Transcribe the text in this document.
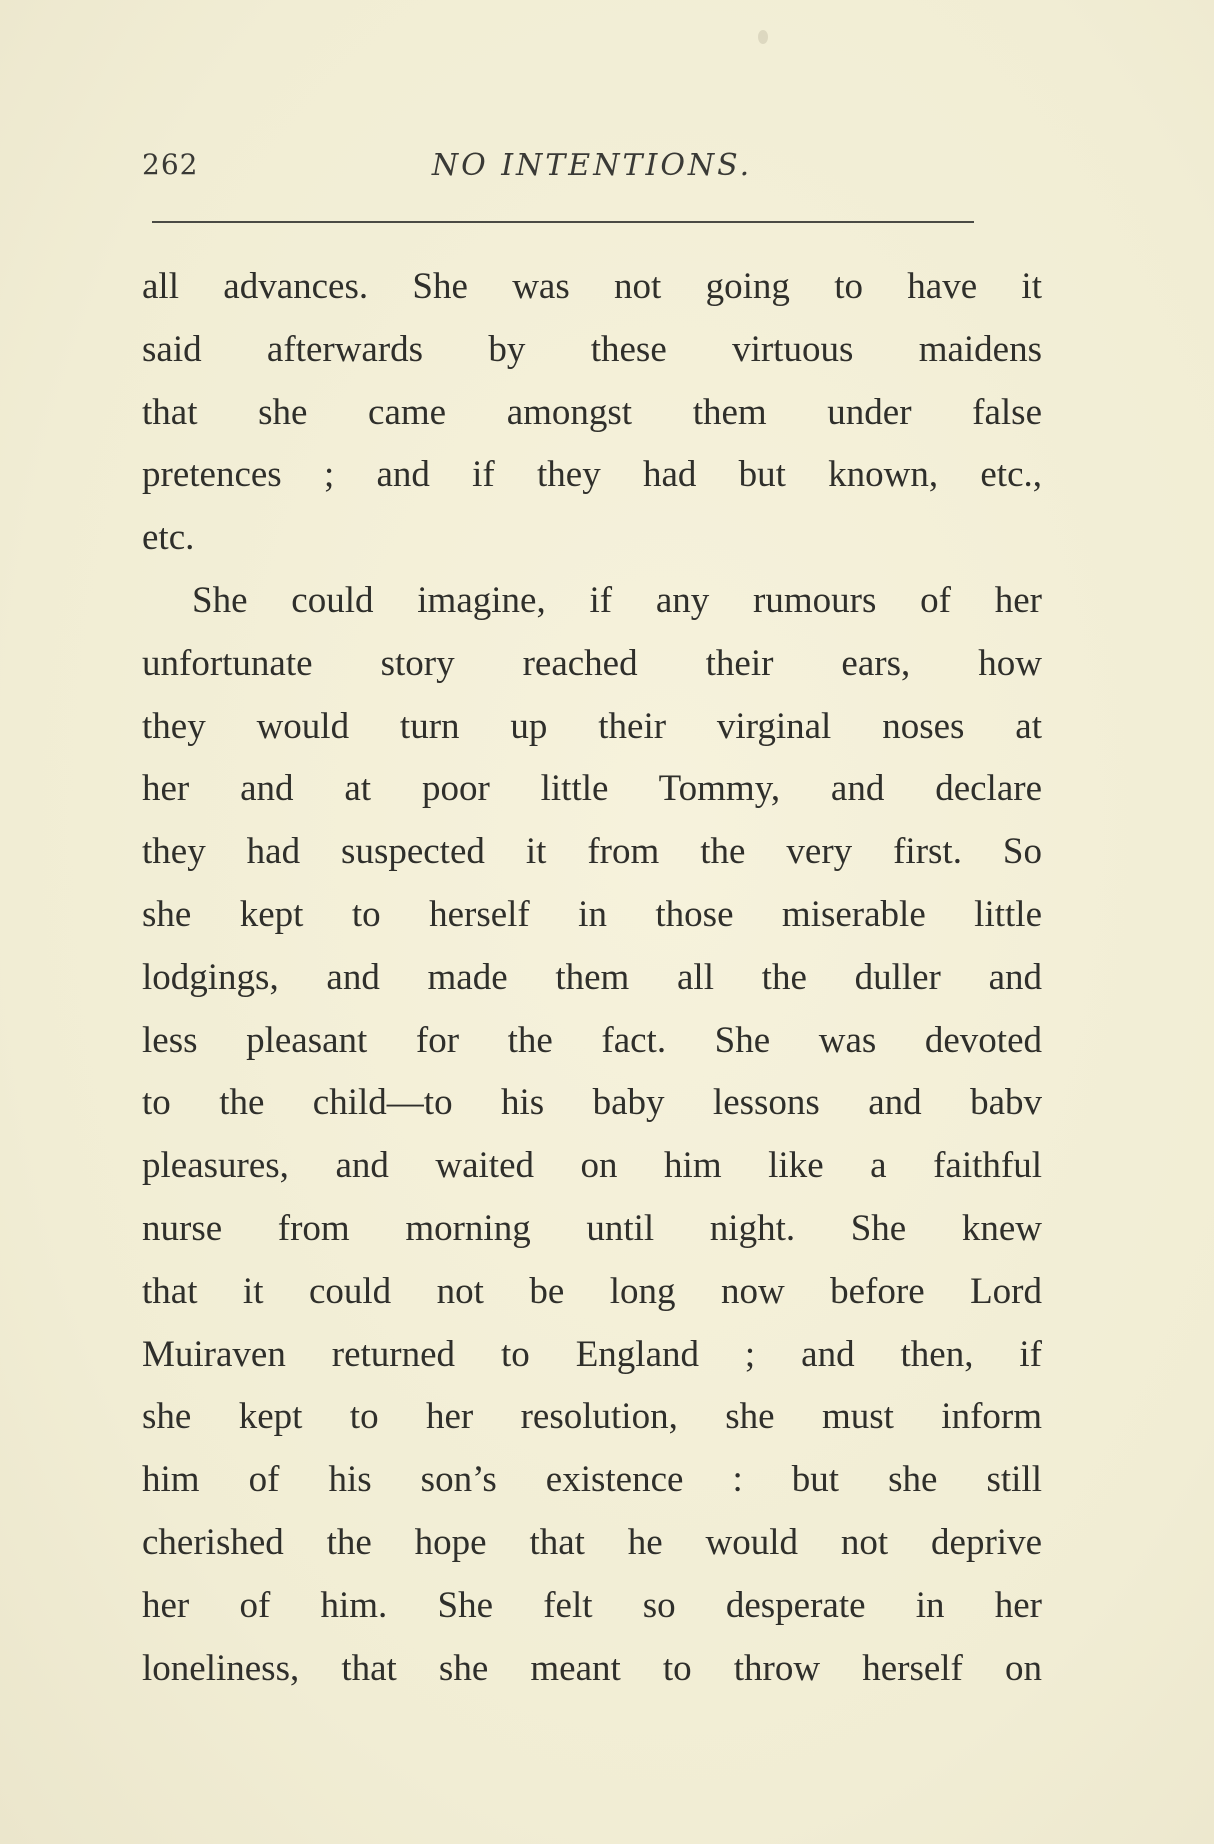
262	NO INTENTIONS.
all advances. She was not going to have it
said afterwards by these virtuous maidens
that she came amongst them under false
pretences ; and if they had but known, etc.,
etc.
She could imagine, if any rumours of her
unfortunate story reached their ears, how
they would turn up their virginal noses at
her and at poor little Tommy, and declare
they had suspected it from the very first. So
she kept to herself in those miserable little
lodgings, and made them all the duller and
less pleasant for the fact. She was devoted
to the child—to his baby lessons and babv
pleasures, and waited on him like a faithful
nurse from morning until night. She knew
that it could not be long now before Lord
Muiraven returned to England ; and then, if
she kept to her resolution, she must inform
him of his son’s existence : but she still
cherished the hope that he would not deprive
her of him. She felt so desperate in her
loneliness, that she meant to throw herself on
